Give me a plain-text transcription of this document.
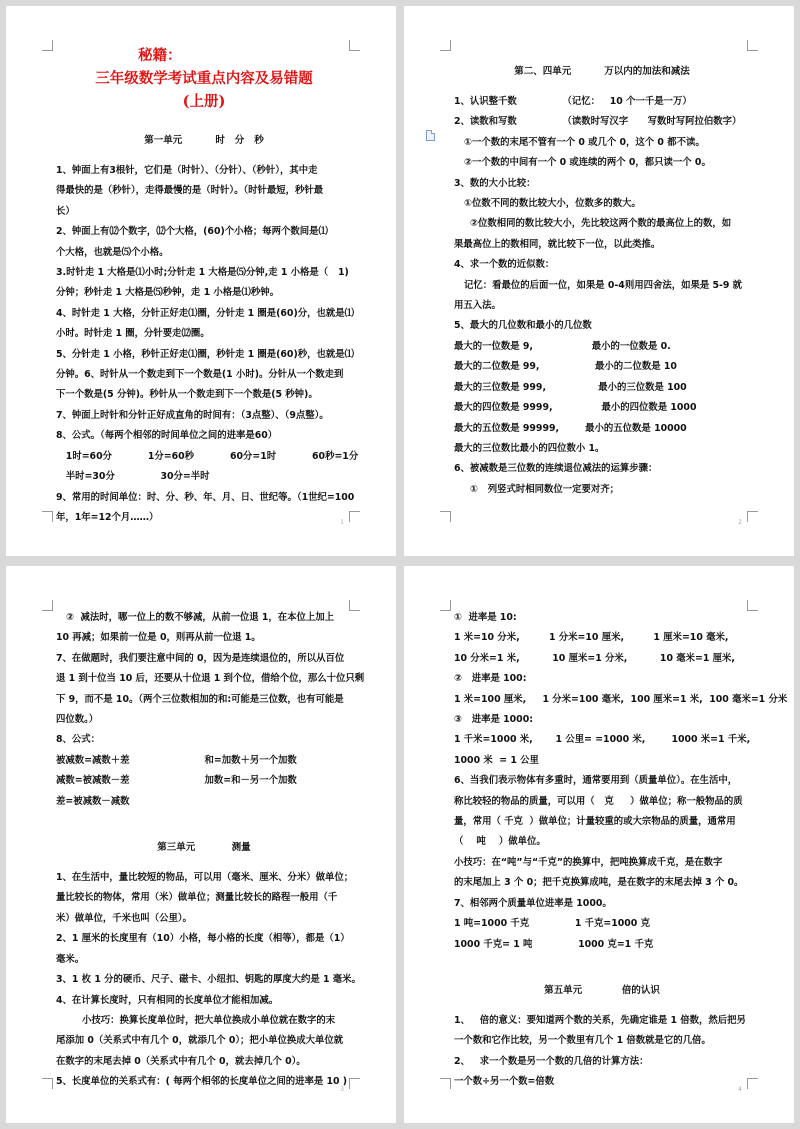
秘籍：
三年级数学考试重点内容及易错题
(上册)
第一单元          时   分   秒
1、钟面上有3根针，它们是（时针）、（分针）、（秒针），其中走
得最快的是（秒针），走得最慢的是（时针）。（时针最短，秒针最
长）
2、钟面上有⑿个数字，⑿个大格，(60)个小格；每两个数间是⑴
个大格，也就是⑸个小格。
3.时针走 1 大格是⑴小时;分针走 1 大格是⑸分钟,走 1 小格是（   1)
分钟；秒针走 1 大格是⑸秒钟，走 1 小格是⑴秒钟。
4、时针走 1 大格，分针正好走⑴圈，分针走 1 圈是(60)分，也就是⑴
小时。时针走 1 圈，分针要走⑿圈。
5、分针走 1 小格，秒针正好走⑴圈，秒针走 1 圈是(60)秒，也就是⑴
分钟。6、时针从一个数走到下一个数是(1 小时)。分针从一个数走到
下一个数是(5 分钟)。秒针从一个数走到下一个数是(5 秒钟)。
7、钟面上时针和分针正好成直角的时间有：（3点整）、（9点整）。
8、公式。（每两个相邻的时间单位之间的进率是60）
1时=60分           1分=60秒           60分=1时           60秒=1分
半时=30分              30分=半时
9、常用的时间单位：时、分、秒、年、月、日、世纪等。（1世纪=100
年，1年=12个月……）	1
第二、四单元          万以内的加法和减法
1、认识整千数              （记忆：   10 个一千是一万）
2、读数和写数              （读数时写汉字      写数时写阿拉伯数字）
①一个数的末尾不管有一个 0 或几个 0，这个 0 都不读。
②一个数的中间有一个 0 或连续的两个 0，都只读一个 0。
3、数的大小比较：
①位数不同的数比较大小，位数多的数大。
②位数相同的数比较大小，先比较这两个数的最高位上的数，如
果最高位上的数相同，就比较下一位，以此类推。
4、求一个数的近似数：
记忆：看最位的后面一位，如果是 0-4则用四舍法，如果是 5-9 就
用五入法。
5、最大的几位数和最小的几位数
最大的一位数是 9,                  最小的一位数是 0.
最大的二位数是 99,                 最小的二位数是 10
最大的三位数是 999,                最小的三位数是 100
最大的四位数是 9999,               最小的四位数是 1000
最大的五位数是 99999,        最小的五位数是 10000
最大的三位数比最小的四位数小 1。
6、被减数是三位数的连续退位减法的运算步骤：
①   列竖式时相同数位一定要对齐；
2
②  减法时，哪一位上的数不够减，从前一位退 1，在本位上加上
10 再减；如果前一位是 0，则再从前一位退 1。
7、在做题时，我们要注意中间的 0，因为是连续退位的，所以从百位
退 1 到十位当 10 后，还要从十位退 1 到个位，借给个位，那么十位只剩
下 9，而不是 10。（两个三位数相加的和:可能是三位数，也有可能是
四位数。）
8、公式：
被减数=减数＋差                       和=加数＋另一个加数
减数=被减数－差                       加数=和－另一个加数
差=被减数－减数
第三单元           测量
1、在生活中，量比较短的物品，可以用（毫米、厘米、分米）做单位；
量比较长的物体，常用（米）做单位；测量比较长的路程一般用（千
米）做单位，千米也叫（公里）。
2、1 厘米的长度里有（10）小格，每小格的长度（相等），都是（1）
毫米。
3、1 枚 1 分的硬币、尺子、磁卡、小纽扣、钥匙的厚度大约是 1 毫米。
4、在计算长度时，只有相同的长度单位才能相加减。
小技巧：换算长度单位时，把大单位换成小单位就在数字的末
尾添加 0（关系式中有几个 0，就添几个 0）；把小单位换成大单位就
在数字的末尾去掉 0（关系式中有几个 0，就去掉几个 0）。
5、长度单位的关系式有：( 每两个相邻的长度单位之间的进率是 10 )
3
①  进率是 10:
1 米=10 分米,         1 分米=10 厘米,         1 厘米=10 毫米,
10 分米=1 米,          10 厘米=1 分米,          10 毫米=1 厘米,
②   进率是 100:
1 米=100 厘米,     1 分米=100 毫米,  100 厘米=1 米,  100 毫米=1 分米
③   进率是 1000:
1 千米=1000 米,       1 公里= =1000 米,        1000 米=1 千米,
1000 米  = 1 公里
6、当我们表示物体有多重时，通常要用到（质量单位）。在生活中，
称比较轻的物品的质量，可以用（   克     ）做单位；称一般物品的质
量，常用（ 千克  ）做单位；计量较重的或大宗物品的质量，通常用
（    吨    ）做单位。
小技巧：在“吨”与“千克”的换算中，把吨换算成千克，是在数字
的末尾加上 3 个 0；把千克换算成吨，是在数字的末尾去掉 3 个 0。
7、相邻两个质量单位进率是 1000。
1 吨=1000 千克              1 千克=1000 克
1000 千克= 1 吨              1000 克=1 千克
第五单元            倍的认识
1、   倍的意义：要知道两个数的关系，先确定谁是 1 倍数，然后把另
一个数和它作比较，另一个数里有几个 1 倍数就是它的几倍。
2、   求一个数是另一个数的几倍的计算方法：
一个数÷另一个数=倍数
4
